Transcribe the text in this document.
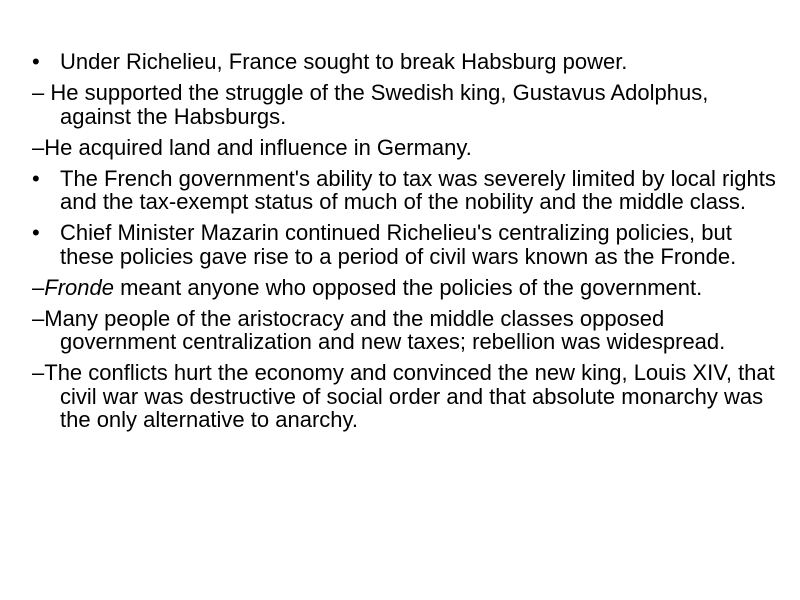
• Under Richelieu, France sought to break Habsburg power.
– He supported the struggle of the Swedish king, Gustavus Adolphus, against the Habsburgs.
–He acquired land and influence in Germany.
• The French government's ability to tax was severely limited by local rights and the tax-exempt status of much of the nobility and the middle class.
• Chief Minister Mazarin continued Richelieu's centralizing policies, but these policies gave rise to a period of civil wars known as the Fronde.
–Fronde meant anyone who opposed the policies of the government.
–Many people of the aristocracy and the middle classes opposed government centralization and new taxes; rebellion was widespread.
–The conflicts hurt the economy and convinced the new king, Louis XIV, that civil war was destructive of social order and that absolute monarchy was the only alternative to anarchy.
